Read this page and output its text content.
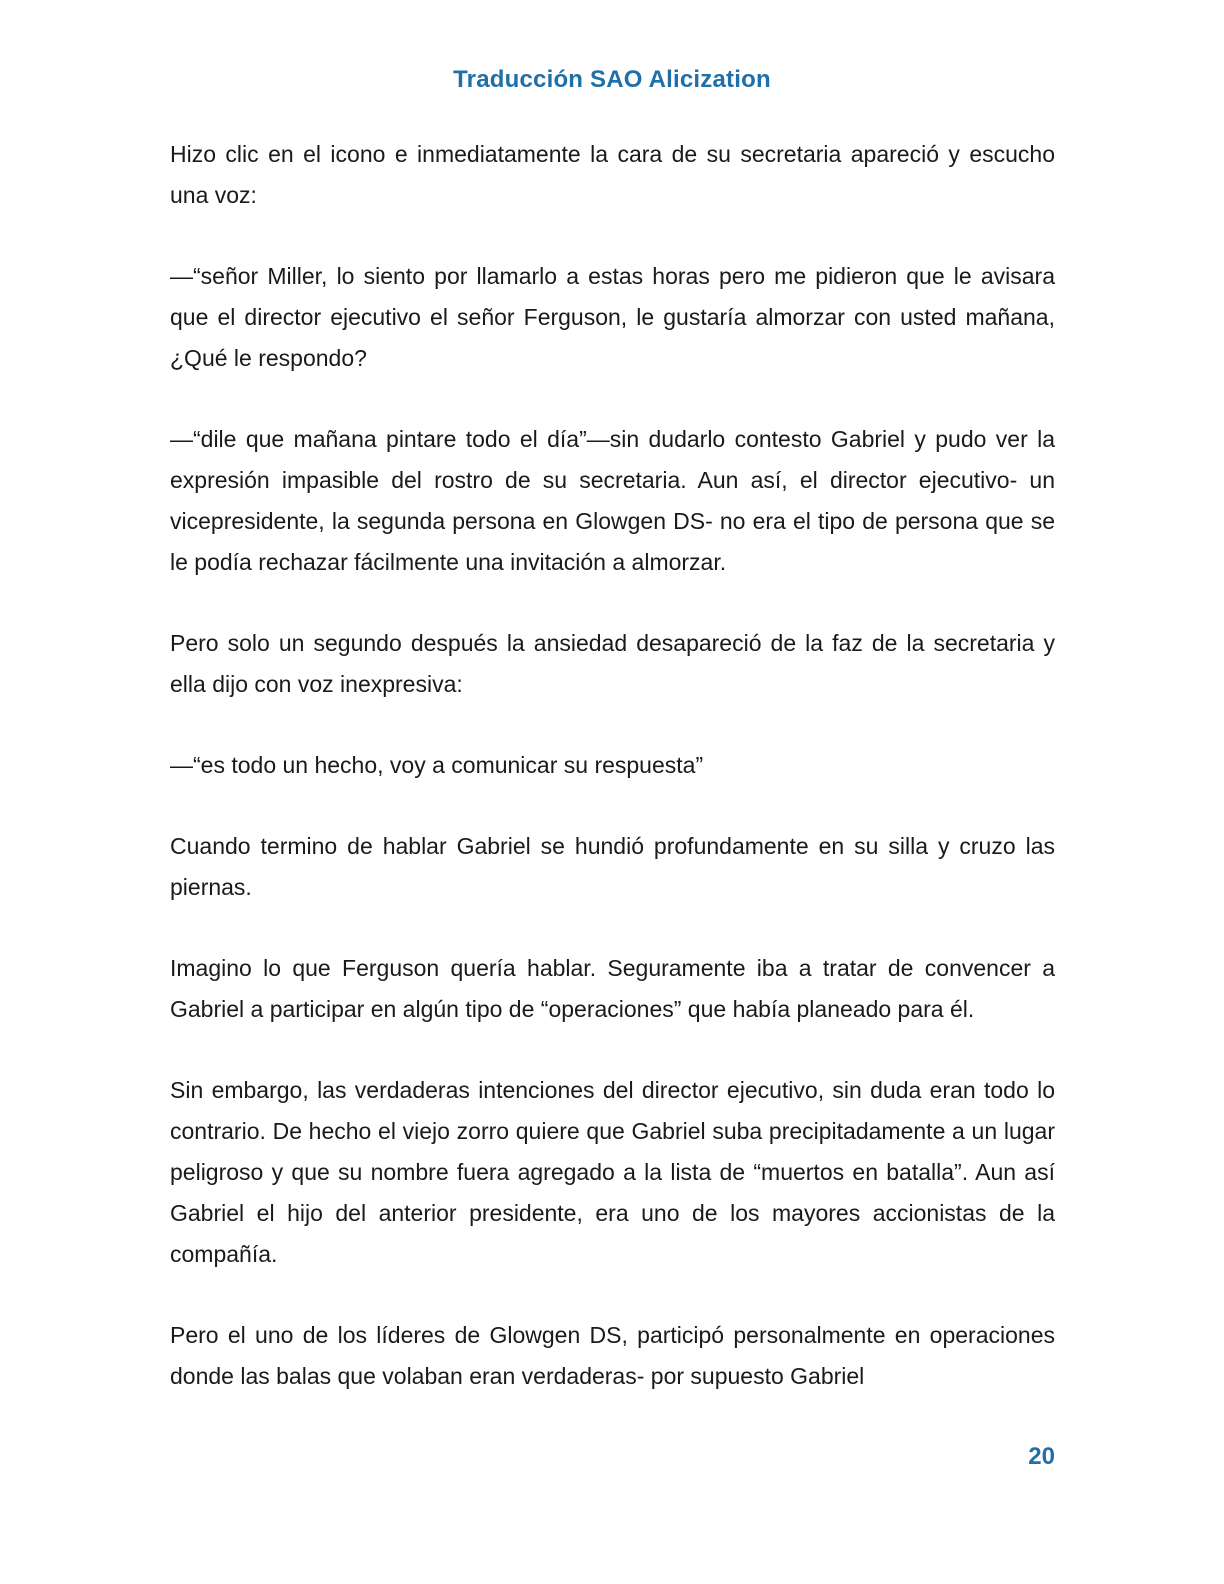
Traducción SAO Alicization

Hizo clic en el icono e inmediatamente la cara de su secretaria apareció y escucho una voz:

—“señor Miller, lo siento por llamarlo a estas horas pero me pidieron que le avisara que el director ejecutivo el señor Ferguson, le gustaría almorzar con usted mañana, ¿Qué le respondo?

—“dile que mañana pintare todo el día”—sin dudarlo contesto Gabriel y pudo ver la expresión impasible del rostro de su secretaria. Aun así, el director ejecutivo- un vicepresidente, la segunda persona en Glowgen DS- no era el tipo de persona que se le podía rechazar fácilmente una invitación a almorzar.

Pero solo un segundo después la ansiedad desapareció de la faz de la secretaria y ella dijo con voz inexpresiva:

—“es todo un hecho, voy a comunicar su respuesta”

Cuando termino de hablar Gabriel se hundió profundamente en su silla y cruzo las piernas.

Imagino lo que Ferguson quería hablar. Seguramente iba a tratar de convencer a Gabriel a participar en algún tipo de “operaciones” que había planeado para él.

Sin embargo, las verdaderas intenciones del director ejecutivo, sin duda eran todo lo contrario. De hecho el viejo zorro quiere que Gabriel suba precipitadamente a un lugar peligroso y que su nombre fuera agregado a la lista de “muertos en batalla”. Aun así Gabriel el hijo del anterior presidente, era uno de los mayores accionistas de la compañía.

Pero el uno de los líderes de Glowgen DS, participó personalmente en operaciones donde las balas que volaban eran verdaderas- por supuesto Gabriel

20
